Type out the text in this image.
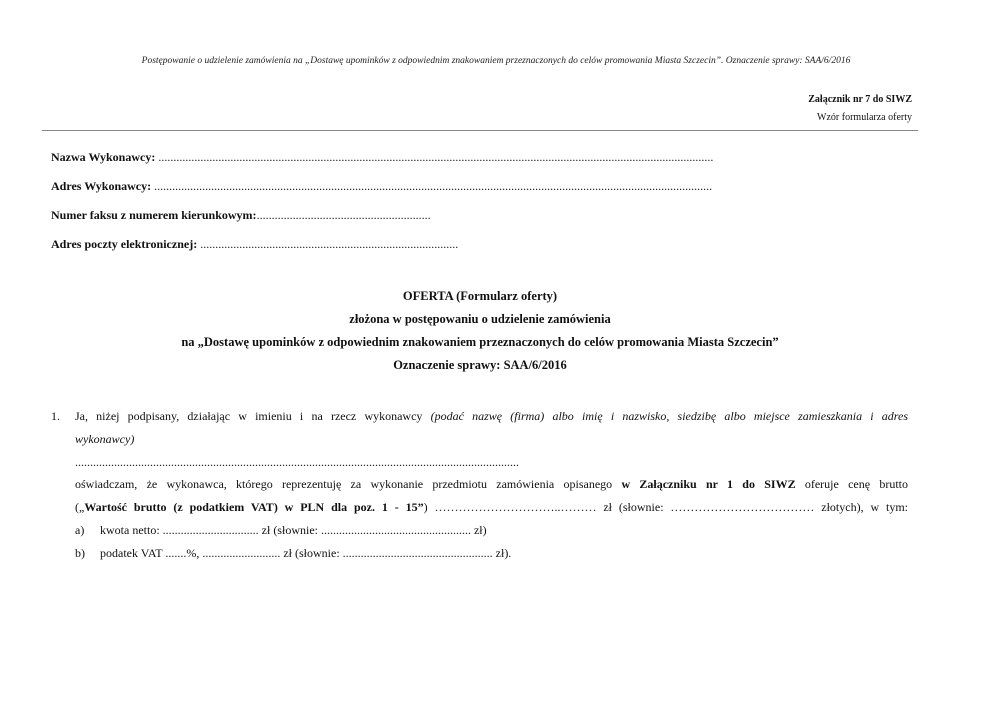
Postępowanie o udzielenie zamówienia na „Dostawę upominków z odpowiednim znakowaniem przeznaczonych do celów promowania Miasta Szczecin”. Oznaczenie sprawy: SAA/6/2016
Załącznik nr 7 do SIWZ
Wzór formularza oferty
Nazwa Wykonawcy: .........................................................................................................................................................................................
Adres Wykonawcy: ..........................................................................................................................................................................................
Numer faksu z numerem kierunkowym:..........................................................
Adres poczty elektronicznej: ......................................................................................
OFERTA (Formularz oferty)
złożona w postępowaniu o udzielenie zamówienia
na „Dostawę upominków z odpowiednim znakowaniem przeznaczonych do celów promowania Miasta Szczecin”
Oznaczenie sprawy: SAA/6/2016
1. Ja, niżej podpisany, działając w imieniu i na rzecz wykonawcy (podać nazwę (firma) albo imię i nazwisko, siedzibę albo miejsce zamieszkania i adres
wykonawcy)
....................................................................................................................................................
oświadczam, że wykonawca, którego reprezentuję za wykonanie przedmiotu zamówienia opisanego w Załączniku nr 1 do SIWZ oferuje cenę brutto
(„Wartość brutto (z podatkiem VAT) w PLN dla poz. 1 - 15”) …………………………..……… zł (słownie: ……………………………… złotych), w tym:
a) kwota netto: ................................ zł (słownie: .................................................. zł)
b) podatek VAT .......%, .......................... zł (słownie: .................................................. zł).
